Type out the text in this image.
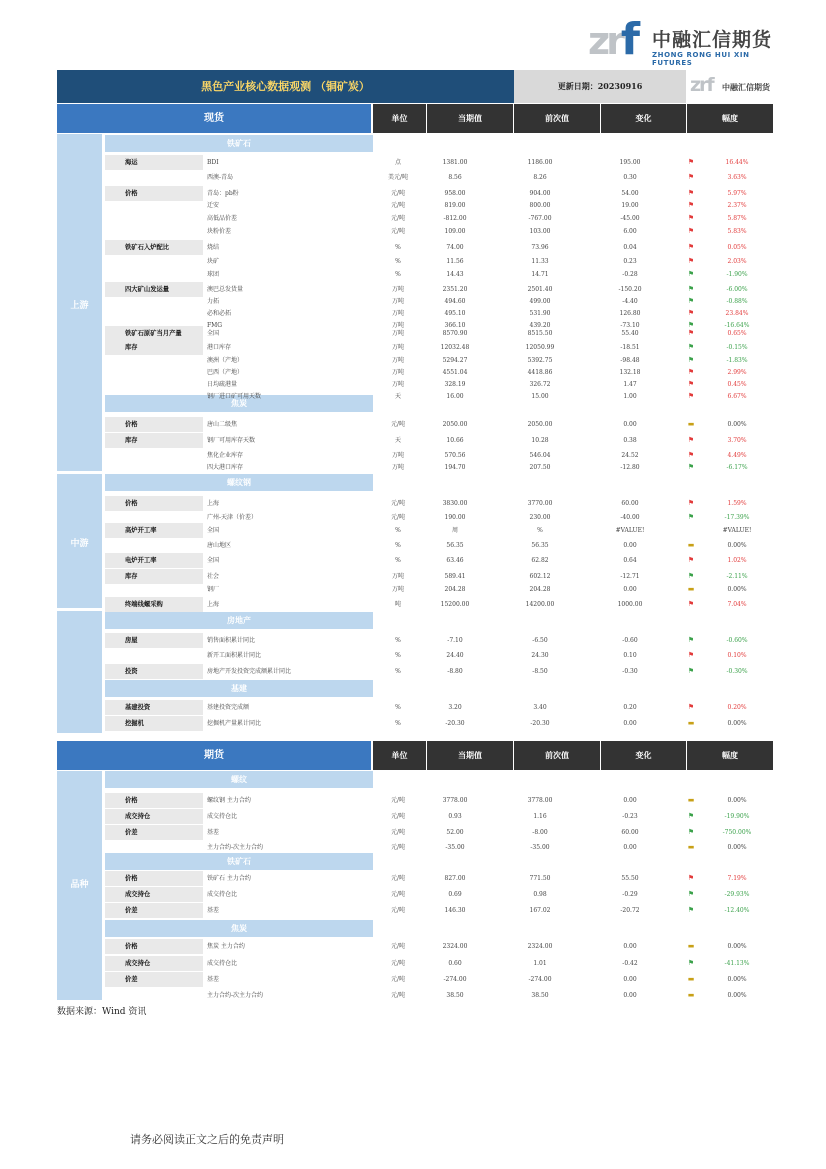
zrf 中融汇信期货
ZHONG RONG HUI XIN FUTURES
黑色产业核心数据观测 （铜矿炭）	更新日期：20230916	zrf 中融汇信期货
现货	单位	当期值	前次值	变化	幅度
期货	单位	当期值	前次值	变化	幅度
上游
中游
品种
铁矿石
焦炭
螺纹钢
房地产
基建
螺纹
铁矿石
焦炭
海运	BDI	点	1381.00	1186.00	195.00	16.44%
⚑
西澳-青岛	美元/吨	8.56	8.26	0.30	3.63%
⚑
价格	青岛：pb粉	元/吨	958.00	904.00	54.00	5.97%
⚑
迁安	元/吨	819.00	800.00	19.00	2.37%
⚑
高低品价差	元/吨	-812.00	-767.00	-45.00	5.87%
⚑
块粉价差	元/吨	109.00	103.00	6.00	5.83%
⚑
铁矿石入炉配比	烧结	%	74.00	73.96	0.04	0.05%
⚑
块矿	%	11.56	11.33	0.23	2.03%
⚑
球团	%	14.43	14.71	-0.28	-1.90%
⚑
四大矿山发运量	澳巴总发货量	万吨	2351.20	2501.40	-150.20	-6.00%
⚑
力拓	万吨	494.60	499.00	-4.40	-0.88%
⚑
必和必拓	万吨	495.10	531.90	126.80	23.84%
⚑
FMG	万吨	366.10	439.20	-73.10	-16.64%
⚑
铁矿石原矿当月产量	全国	万吨	8570.90	8515.50	55.40	0.65%
⚑
库存	港口库存	万吨	12032.48	12050.99	-18.51	-0.15%
⚑
澳洲（产地）	万吨	5294.27	5392.75	-98.48	-1.83%
⚑
巴西（产地）	万吨	4551.04	4418.86	132.18	2.99%
⚑
日均疏港量	万吨	328.19	326.72	1.47	0.45%
⚑
钢厂进口矿可用天数	天	16.00	15.00	1.00	6.67%
⚑
价格	唐山二级焦	元/吨	2050.00	2050.00	0.00	0.00%
▬
库存	钢厂可用库存天数	天	10.66	10.28	0.38	3.70%
⚑
焦化企业库存	万吨	570.56	546.04	24.52	4.49%
⚑
四大港口库存	万吨	194.70	207.50	-12.80	-6.17%
⚑
价格	上海	元/吨	3830.00	3770.00	60.00	1.59%
⚑
广州-天津（价差）	元/吨	190.00	230.00	-40.00	-17.39%
⚑
高炉开工率	全国	%	周	%	#VALUE!	#VALUE!
唐山地区	%	56.35	56.35	0.00	0.00%
▬
电炉开工率	全国	%	63.46	62.82	0.64	1.02%
⚑
库存	社会	万吨	589.41	602.12	-12.71	-2.11%
⚑
钢厂	万吨	204.28	204.28	0.00	0.00%
▬
终端线螺采购	上海	吨	15200.00	14200.00	1000.00	7.04%
⚑
房屋	销售面积累计同比	%	-7.10	-6.50	-0.60	-0.60%
⚑
新开工面积累计同比	%	24.40	24.30	0.10	0.10%
⚑
投资	房地产开发投资完成额累计同比	%	-8.80	-8.50	-0.30	-0.30%
⚑
基建投资	基建投资完成额	%	3.20	3.40	0.20	0.20%
⚑
挖掘机	挖掘机产量累计同比	%	-20.30	-20.30	0.00	0.00%
▬
价格	螺纹钢 主力合约	元/吨	3778.00	3778.00	0.00	0.00%
▬
成交持仓	成交持仓比	元/吨	0.93	1.16	-0.23	-19.90%
⚑
价差	基差	元/吨	52.00	-8.00	60.00	-750.00%
⚑
主力合约-次主力合约	元/吨	-35.00	-35.00	0.00	0.00%
▬
价格	铁矿石 主力合约	元/吨	827.00	771.50	55.50	7.19%
⚑
成交持仓	成交持仓比	元/吨	0.69	0.98	-0.29	-29.93%
⚑
价差	基差	元/吨	146.30	167.02	-20.72	-12.40%
⚑
价格	焦炭 主力合约	元/吨	2324.00	2324.00	0.00	0.00%
▬
成交持仓	成交持仓比	元/吨	0.60	1.01	-0.42	-41.13%
⚑
价差	基差	元/吨	-274.00	-274.00	0.00	0.00%
▬
主力合约-次主力合约	元/吨	38.50	38.50	0.00	0.00%
▬
数据来源：Wind 资讯
请务必阅读正文之后的免责声明
